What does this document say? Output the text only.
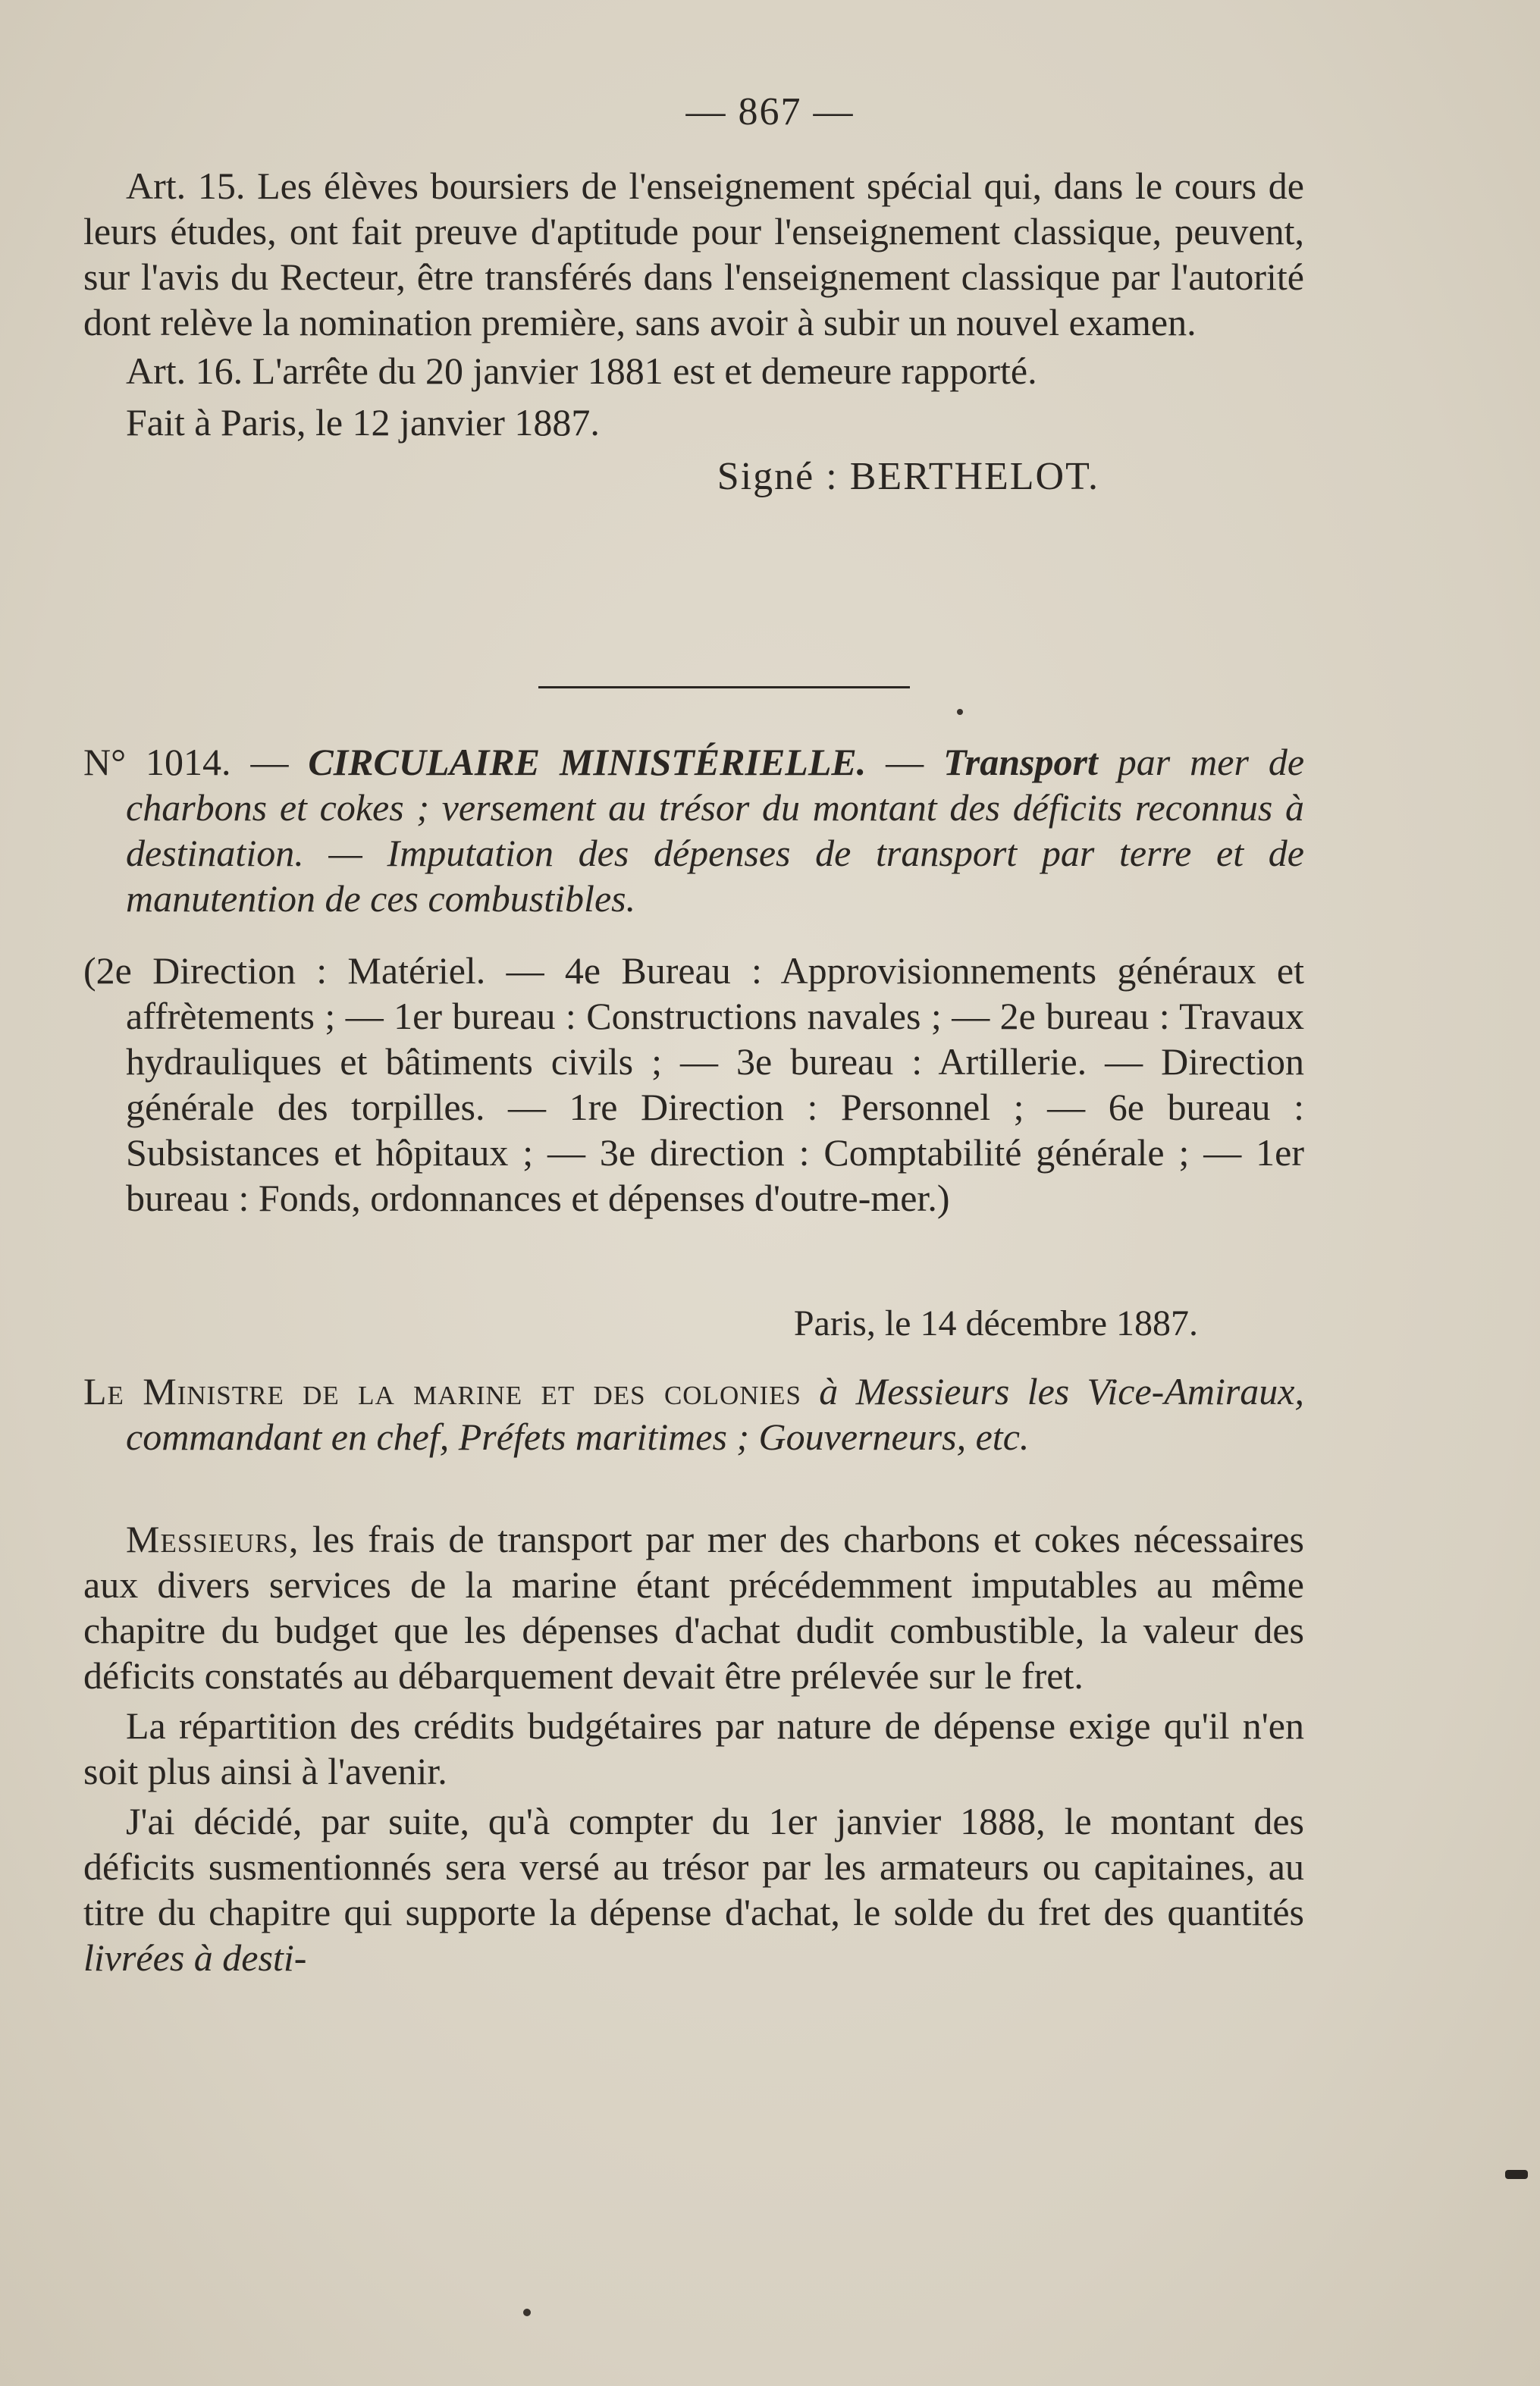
— 867 —

Art. 15. Les élèves boursiers de l'enseignement spécial qui, dans le cours de leurs études, ont fait preuve d'aptitude pour l'enseignement classique, peuvent, sur l'avis du Recteur, être transférés dans l'enseignement classique par l'autorité dont relève la nomination première, sans avoir à subir un nouvel examen.

Art. 16. L'arrête du 20 janvier 1881 est et demeure rapporté.

Fait à Paris, le 12 janvier 1887.

Signé : BERTHELOT.

N° 1014. — CIRCULAIRE MINISTÉRIELLE. — Transport par mer de charbons et cokes ; versement au trésor du montant des déficits reconnus à destination. — Imputation des dépenses de transport par terre et de manutention de ces combustibles.

(2e Direction : Matériel. — 4e Bureau : Approvisionnements généraux et affrètements ; — 1er bureau : Constructions navales ; — 2e bureau : Travaux hydrauliques et bâtiments civils ; — 3e bureau : Artillerie. — Direction générale des torpilles. — 1re Direction : Personnel ; — 6e bureau : Subsistances et hôpitaux ; — 3e direction : Comptabilité générale ; — 1er bureau : Fonds, ordonnances et dépenses d'outre-mer.)

Paris, le 14 décembre 1887.

Le Ministre de la marine et des colonies à Messieurs les Vice-Amiraux, commandant en chef, Préfets maritimes ; Gouverneurs, etc.

Messieurs, les frais de transport par mer des charbons et cokes nécessaires aux divers services de la marine étant précédemment imputables au même chapitre du budget que les dépenses d'achat dudit combustible, la valeur des déficits constatés au débarquement devait être prélevée sur le fret.

La répartition des crédits budgétaires par nature de dépense exige qu'il n'en soit plus ainsi à l'avenir.

J'ai décidé, par suite, qu'à compter du 1er janvier 1888, le montant des déficits susmentionnés sera versé au trésor par les armateurs ou capitaines, au titre du chapitre qui supporte la dépense d'achat, le solde du fret des quantités livrées à desti-
